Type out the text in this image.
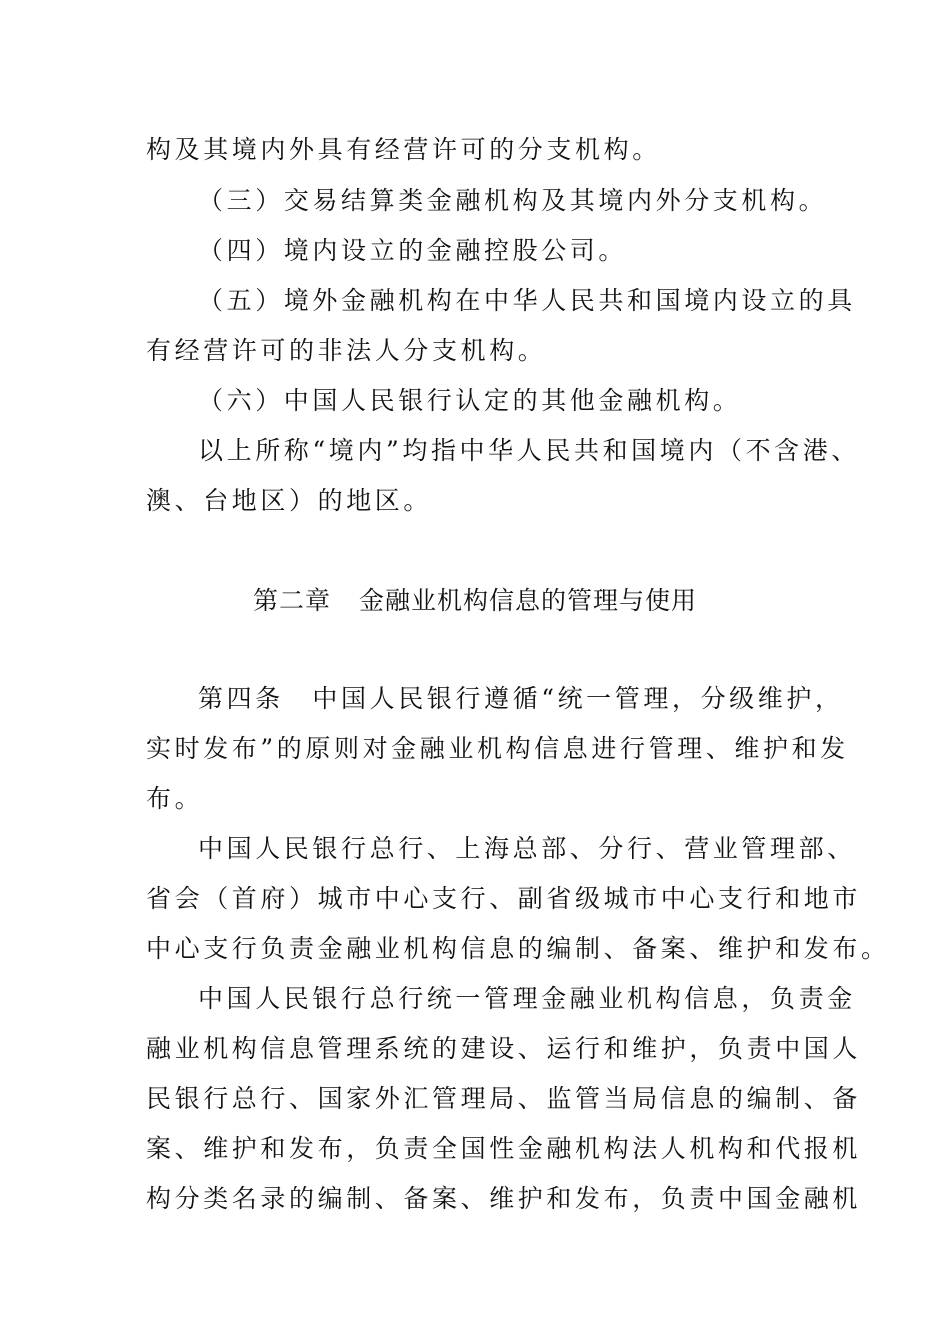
构及其境内外具有经营许可的分支机构。
（三）交易结算类金融机构及其境内外分支机构。
（四）境内设立的金融控股公司。
（五）境外金融机构在中华人民共和国境内设立的具
有经营许可的非法人分支机构。
（六）中国人民银行认定的其他金融机构。
以上所称“境内”均指中华人民共和国境内（不含港、
澳、台地区）的地区。
第二章 金融业机构信息的管理与使用
第四条　中国人民银行遵循“统一管理，分级维护，
实时发布”的原则对金融业机构信息进行管理、维护和发
布。
中国人民银行总行、上海总部、分行、营业管理部、
省会（首府）城市中心支行、副省级城市中心支行和地市
中心支行负责金融业机构信息的编制、备案、维护和发布。
中国人民银行总行统一管理金融业机构信息，负责金
融业机构信息管理系统的建设、运行和维护，负责中国人
民银行总行、国家外汇管理局、监管当局信息的编制、备
案、维护和发布，负责全国性金融机构法人机构和代报机
构分类名录的编制、备案、维护和发布，负责中国金融机
